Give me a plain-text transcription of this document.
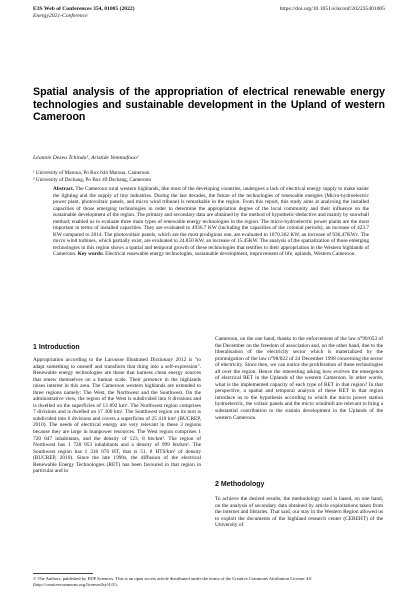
E3S Web of Conferences 354, 01005 (2022)
Energy2021-Conference
https://doi.org/10.1051/e3sconf/202235401005
Spatial analysis of the appropriation of electrical renewable energy technologies and sustainable development in the Upland of western Cameroon
Léonnie Dezeu Tchinda¹, Aristide Yemmafouo²
¹ University of Maroua, Po Box 644 Maroua, Cameroon
² University of Dschang, Po Box 49 Dschang, Cameroon
Abstract. The Cameroon rural western highlands, like most of the developing countries, undergoes a lack of electrical energy supply to make easier the lighting and the supply of tiny industries. During the last decades, the future of the technologies of renewable energies (Micro-hydroelectric power plant, photovoltaic panels, and micro wind tribune) is remarkable in the region. From this report, this study aims at analysing the installed capacities of those emerging technologies in order to determine the appropriation degree of the local community and their influence on the sustainable development of the region. The primary and secondary data are obtained by the method of hypothetic-deductive and mainly by snowball method; enabled us to evaluate three main types of renewable energy technologies in the region. The micro-hydroelectric power plants are the most important in terms of installed capacities. They are evaluated to 4936.7 KW (including the capacities of the colonial periods), an increase of 423.7 KW compared to 2014. The photovoltaic panels, which are the most prodigious one, are evaluated to 1070.362 KW, an increase of 936,47KWc. The micro wind turbines, which partially exist, are evaluated to 24.850 KW, an increase of 15.45KW. The analysis of the spatialization of those emerging technologies in this region shows a spatial and temporal growth of these technologies that testifies to their appropriation in the Western highlands of Cameroon. Key words: Electrical renewable energy technologies, sustainable development, improvement of life, uplands, Western Cameroon.
1 Introduction

Appropriation according to the Larousse Illustrated Dictionary 2012 is "to adapt something to oneself and transform that thing into a self-expression". Renewable energy technologies are those that harness clean energy sources that renew themselves on a human scale. Their presence in the highlands raises interest in this area. The Cameroon western highlands are extended to three regions namely: The West, the Northwest and the Southwest. On the administrative view, the region of the West is subdivided into 8 divisions and is dwelled on the superficies of 13 892 km². The Northwest region comprises 7 divisions and is dwelled on 17 300 km². The Southwest region on its turn is subdivided into 6 divisions and covers a superficies of 25 410 km² (BUCREP, 2010). The needs of electrical energy are very relevant in these 3 regions because they are large in manpower resources. The West region comprises 1 720 047 inhabitants, and the density of 123, 8 hts/km². The region of Northwest has 1 728 953 inhabitants and a density of 999 hts/km². The Southwest region has 1 316 070 HT, that is 51, 8 HTS/km² of density (BUCREP, 2010). Since the late 1990s, the diffusion of the electrical Renewable Energy Technologies (RET) has been favoured in that region in particular and in

Cameroon, on the one hand, thanks to the enforcement of the law n°90/053 of the December on the freedom of association and, on the other hand, due to the liberalisation of the electricity sector which is materialized by the promulgation of the law n°98/022 of 24 December 1998 concerning the sector of electricity. Since then, we can notice the proliferation of these technologies all over the region. Hence the interesting asking how evolves the emergence of electrical RET in the Uplands of the western Cameroon. In other words, what is the implemented capacity of each type of RET in that region? In that perspective, a spatial and temporal analysis of these RET in that region introduce us to the hypothesis according to which the micro power station hydroelectric, the voltaic panels and the micro windmill are relevant to bring a substantial contribution to the sustain development in the Uplands of the western Cameroon.

2 Methodology

To achieve the desired results, the methodology used is based, on one hand, on the analysis of secondary data obtained by article exploitations taken from the internet and libraries. That said, our stay in the Western Region allowed us to exploit the documents of the highland research center (CEREHT) of the University of

© The Authors, published by EDP Sciences. This is an open access article distributed under the terms of the Creative Commons Attribution License 4.0 (http://creativecommons.org/licenses/by/4.0/).
